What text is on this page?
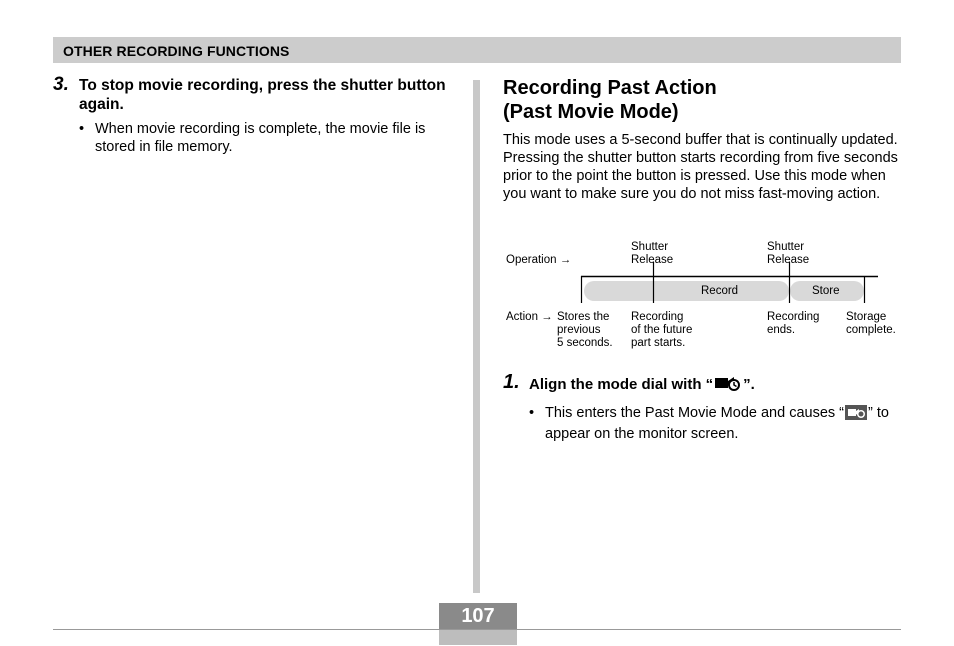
OTHER RECORDING FUNCTIONS
3. To stop movie recording, press the shutter button again.
• When movie recording is complete, the movie file is stored in file memory.
Recording Past Action
(Past Movie Mode)
This mode uses a 5-second buffer that is continually updated. Pressing the shutter button starts recording from five seconds prior to the point the button is pressed. Use this mode when you want to make sure you do not miss fast-moving action.
Operation →
Shutter
Release
Shutter
Release
Record	Store
Action → Stores the
previous
5 seconds.
Recording
of the future
part starts.
Recording
ends.
Storage
complete.
1. Align the mode dial with “ ”.
• This enters the Past Movie Mode and causes “ ” to appear on the monitor screen.
107
